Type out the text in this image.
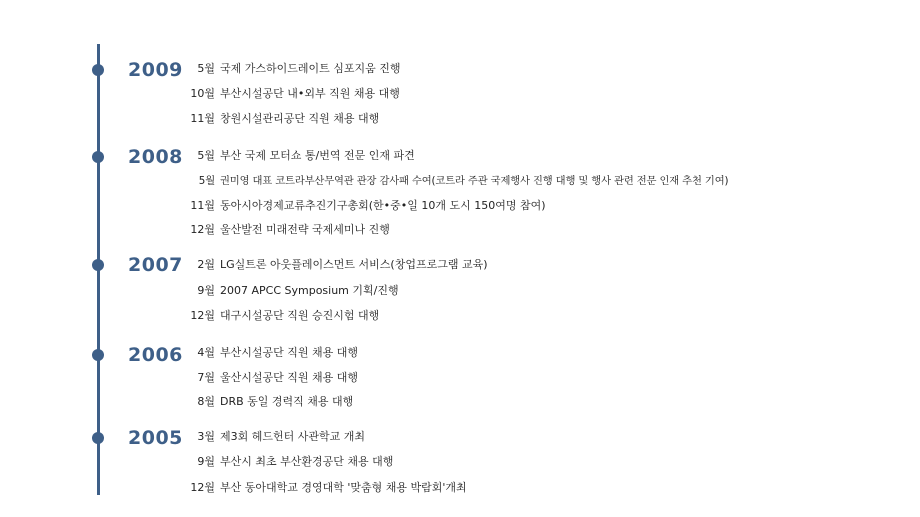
2009	5월 국제 가스하이드레이트 심포지움 진행
10월 부산시설공단 내•외부 직원 채용 대행
11월 창원시설관리공단 직원 채용 대행
2008	5월 부산 국제 모터쇼 통/번역 전문 인재 파견
5월 권미영 대표 코트라부산무역관 관장 감사패 수여(코트라 주관 국제행사 진행 대행 및 행사 관련 전문 인재 추천 기여)
11월 동아시아경제교류추진기구총회(한•중•일 10개 도시 150여명 참여)
12월 울산발전 미래전략 국제세미나 진행
2007	2월 LG실트론 아웃플레이스먼트 서비스(창업프로그램 교육)
9월 2007 APCC Symposium 기획/진행
12월 대구시설공단 직원 승진시험 대행
2006	4월 부산시설공단 직원 채용 대행
7월 울산시설공단 직원 채용 대행
8월 DRB 동일 경력직 채용 대행
2005	3월 제3회 헤드헌터 사관학교 개최
9월 부산시 최초 부산환경공단 채용 대행
12월 부산 동아대학교 경영대학 '맞춤형 채용 박람회'개최
